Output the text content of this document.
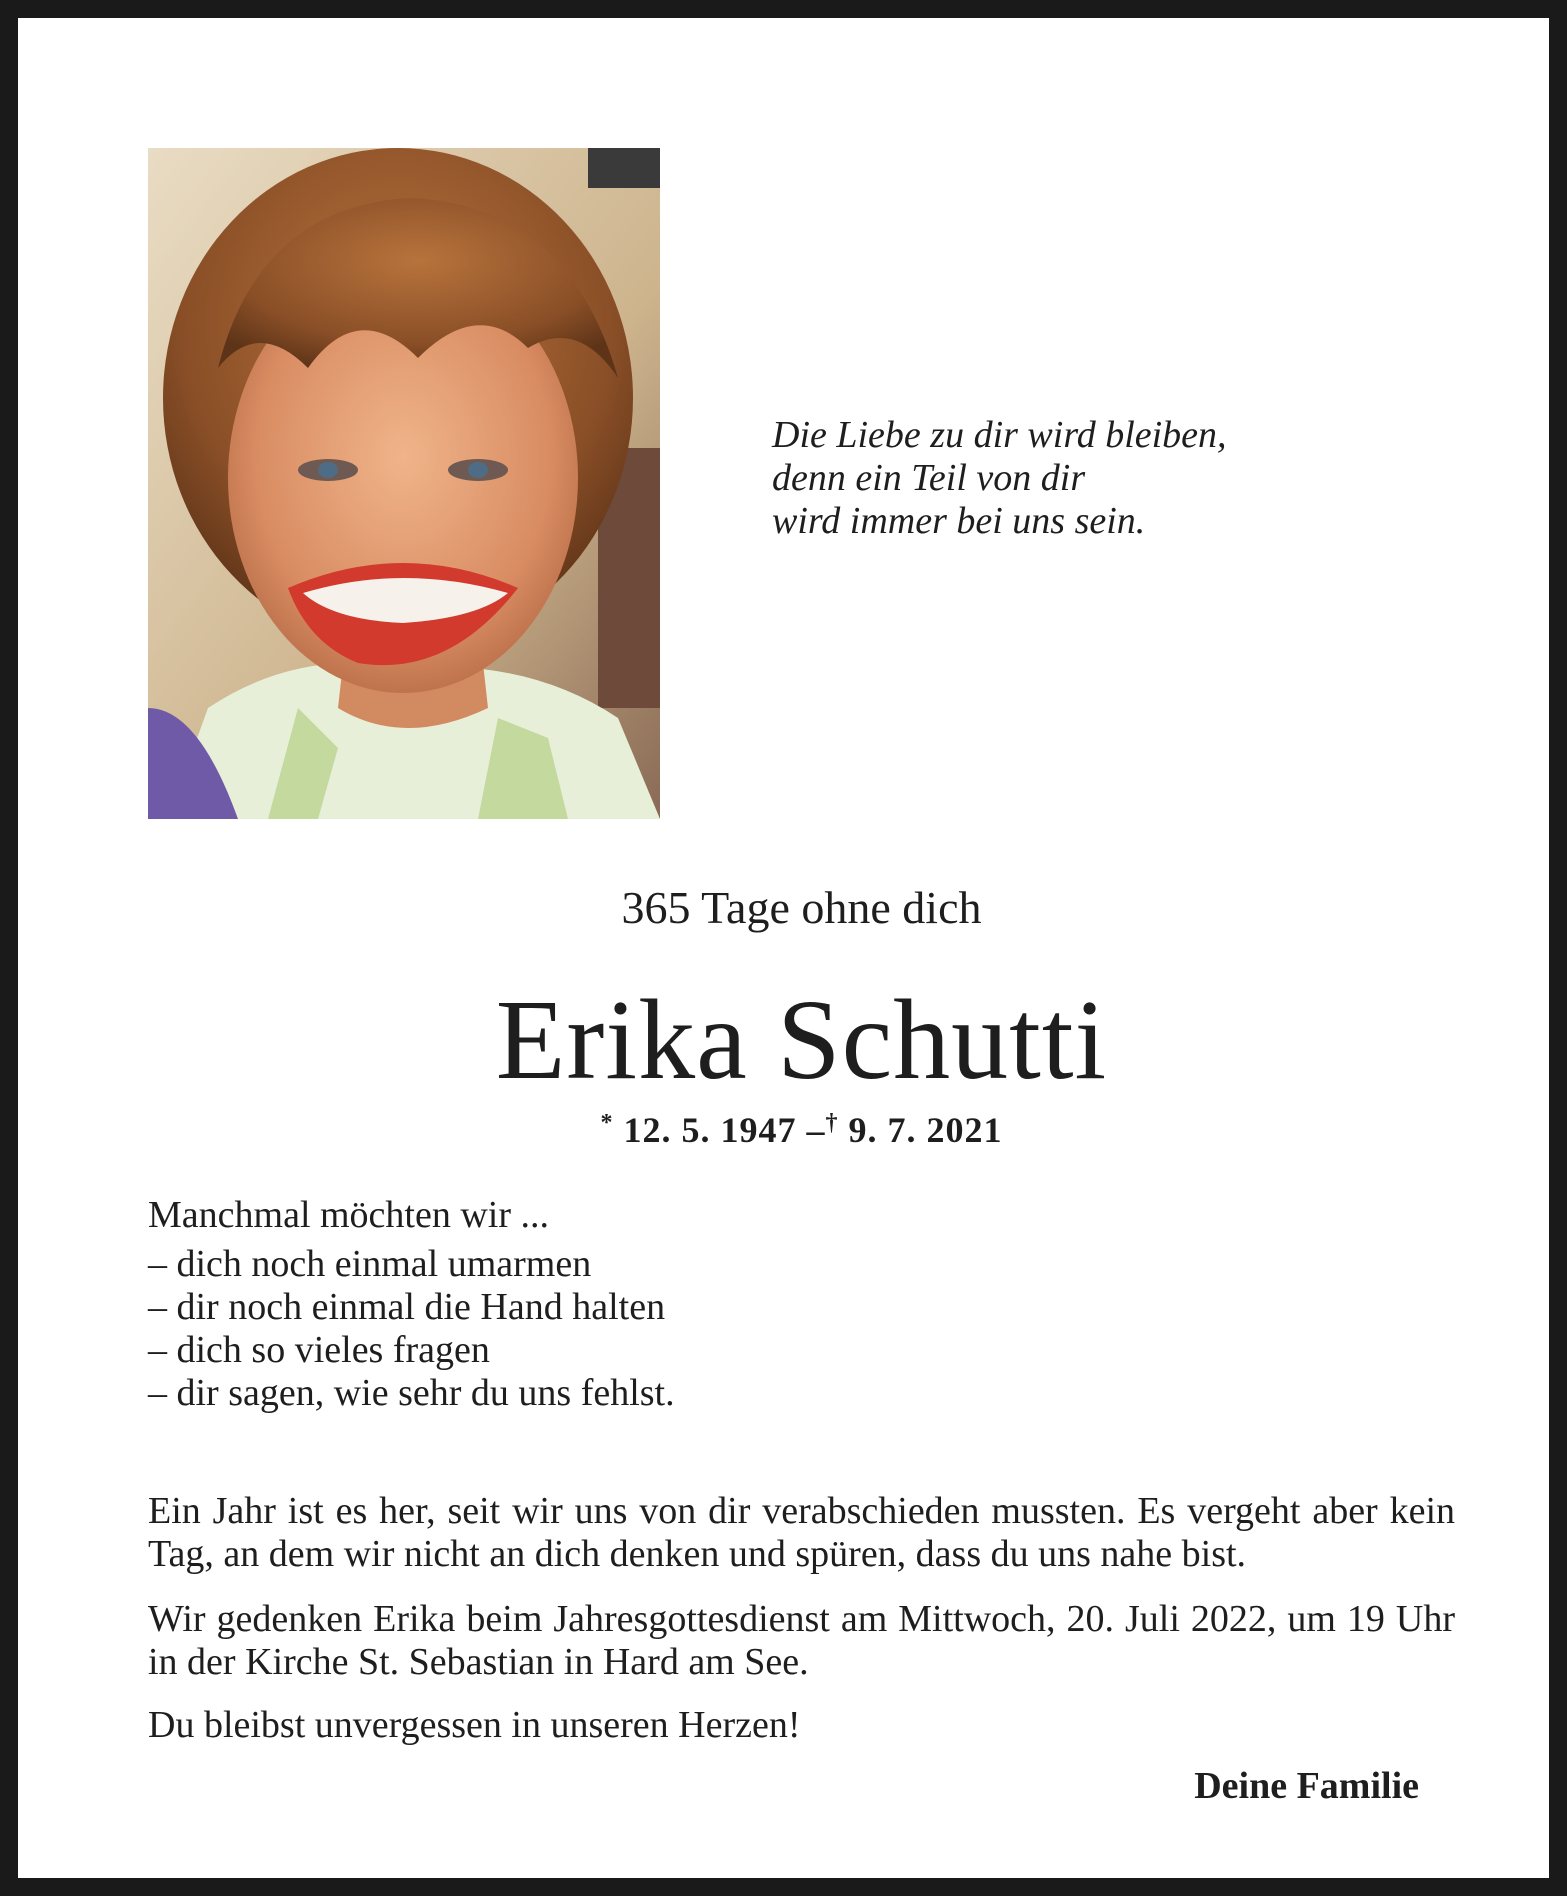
Die Liebe zu dir wird bleiben,
denn ein Teil von dir
wird immer bei uns sein.
365 Tage ohne dich
Erika Schutti
* 12. 5. 1947 –† 9. 7. 2021
Manchmal möchten wir ...
– dich noch einmal umarmen
– dir noch einmal die Hand halten
– dich so vieles fragen
– dir sagen, wie sehr du uns fehlst.
Ein Jahr ist es her, seit wir uns von dir verabschieden mussten. Es vergeht aber kein Tag, an dem wir nicht an dich denken und spüren, dass du uns nahe bist.
Wir gedenken Erika beim Jahresgottesdienst am Mittwoch, 20. Juli 2022, um 19 Uhr in der Kirche St. Sebastian in Hard am See.
Du bleibst unvergessen in unseren Herzen!
Deine Familie
